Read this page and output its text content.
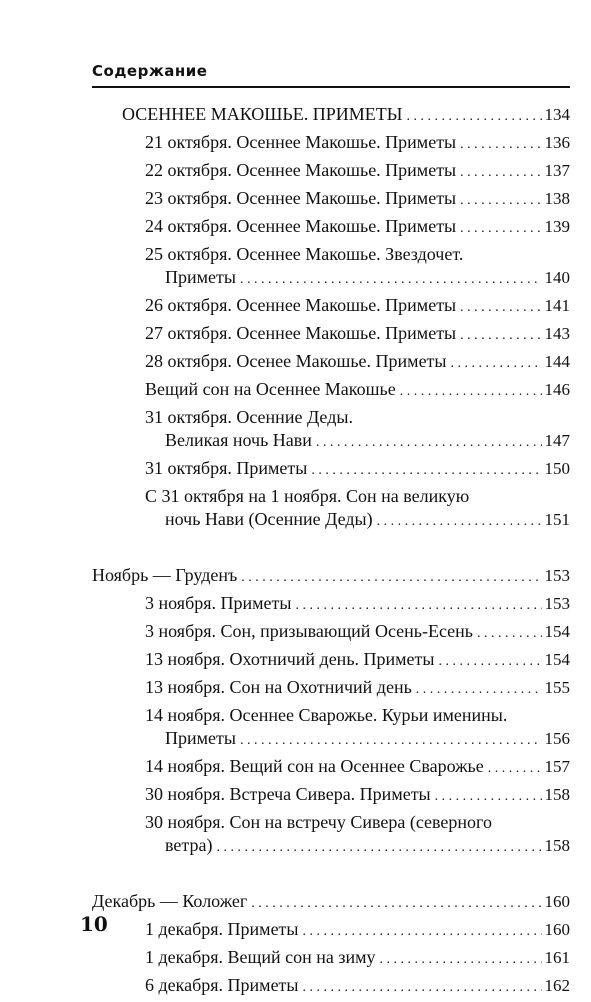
Содержание
ОСЕННЕЕ МАКОШЬЕ. ПРИМЕТЫ . . .	134
21 октября. Осеннее Макошье. Приметы . . .	136
22 октября. Осеннее Макошье. Приметы . . .	137
23 октября. Осеннее Макошье. Приметы . . .	138
24 октября. Осеннее Макошье. Приметы . . .	139
25 октября. Осеннее Макошье. Звездочет.
Приметы . . .	140
26 октября. Осеннее Макошье. Приметы . . .	141
27 октября. Осеннее Макошье. Приметы . . .	143
28 октября. Осенее Макошье. Приметы . . .	144
Вещий сон на Осеннее Макошье . . .	146
31 октября. Осенние Деды.
Великая ночь Нави . . .	147
31 октября. Приметы . . .	150
С 31 октября на 1 ноября. Сон на великую
ночь Нави (Осенние Деды) . . .	151
Ноябрь — Груденъ . . .	153
3 ноября. Приметы . . .	153
3 ноября. Сон, призывающий Осень-Есень . . .	154
13 ноября. Охотничий день. Приметы . . .	154
13 ноября. Сон на Охотничий день . . .	155
14 ноября. Осеннее Сварожье. Курьи именины.
Приметы . . .	156
14 ноября. Вещий сон на Осеннее Сварожье . . .	157
30 ноября. Встреча Сивера. Приметы . . .	158
30 ноября. Сон на встречу Сивера (северного
ветра) . . .	158
Декабрь — Коложег . . .	160
1 декабря. Приметы . . .	160
1 декабря. Вещий сон на зиму . . .	161
6 декабря. Приметы . . .	162
10
